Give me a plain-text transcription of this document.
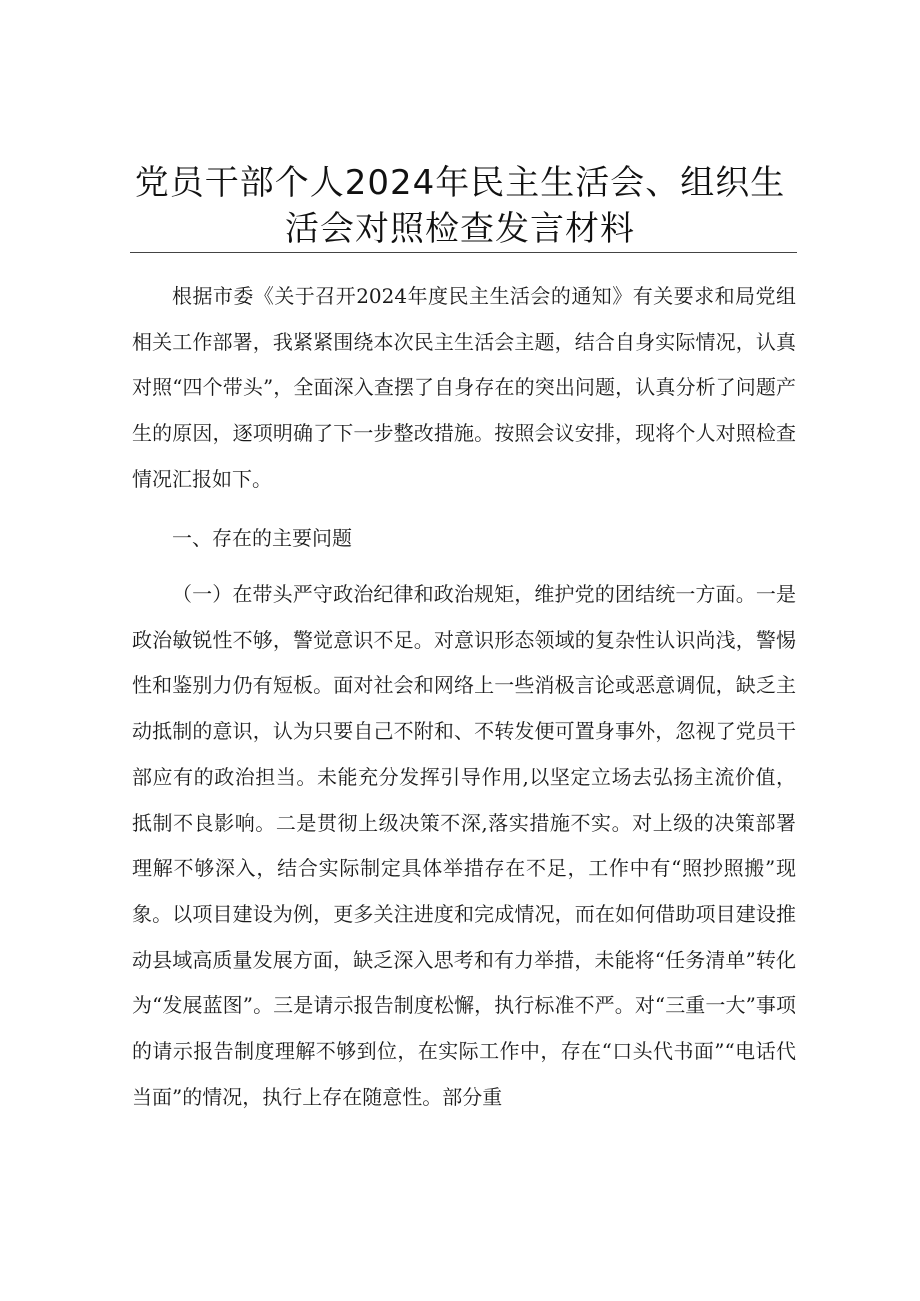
党员干部个人2024年民主生活会、组织生活会对照检查发言材料

根据市委《关于召开2024年度民主生活会的通知》有关要求和局党组相关工作部署，我紧紧围绕本次民主生活会主题，结合自身实际情况，认真对照“四个带头”，全面深入查摆了自身存在的突出问题，认真分析了问题产生的原因，逐项明确了下一步整改措施。按照会议安排，现将个人对照检查情况汇报如下。

一、存在的主要问题

（一）在带头严守政治纪律和政治规矩，维护党的团结统一方面。一是政治敏锐性不够，警觉意识不足。对意识形态领域的复杂性认识尚浅，警惕性和鉴别力仍有短板。面对社会和网络上一些消极言论或恶意调侃，缺乏主动抵制的意识，认为只要自己不附和、不转发便可置身事外，忽视了党员干部应有的政治担当。未能充分发挥引导作用,以坚定立场去弘扬主流价值，抵制不良影响。二是贯彻上级决策不深,落实措施不实。对上级的决策部署理解不够深入，结合实际制定具体举措存在不足，工作中有“照抄照搬”现象。以项目建设为例，更多关注进度和完成情况，而在如何借助项目建设推动县域高质量发展方面，缺乏深入思考和有力举措，未能将“任务清单”转化为“发展蓝图”。三是请示报告制度松懈，执行标准不严。对“三重一大”事项的请示报告制度理解不够到位，在实际工作中，存在“口头代书面”“电话代当面”的情况，执行上存在随意性。部分重
